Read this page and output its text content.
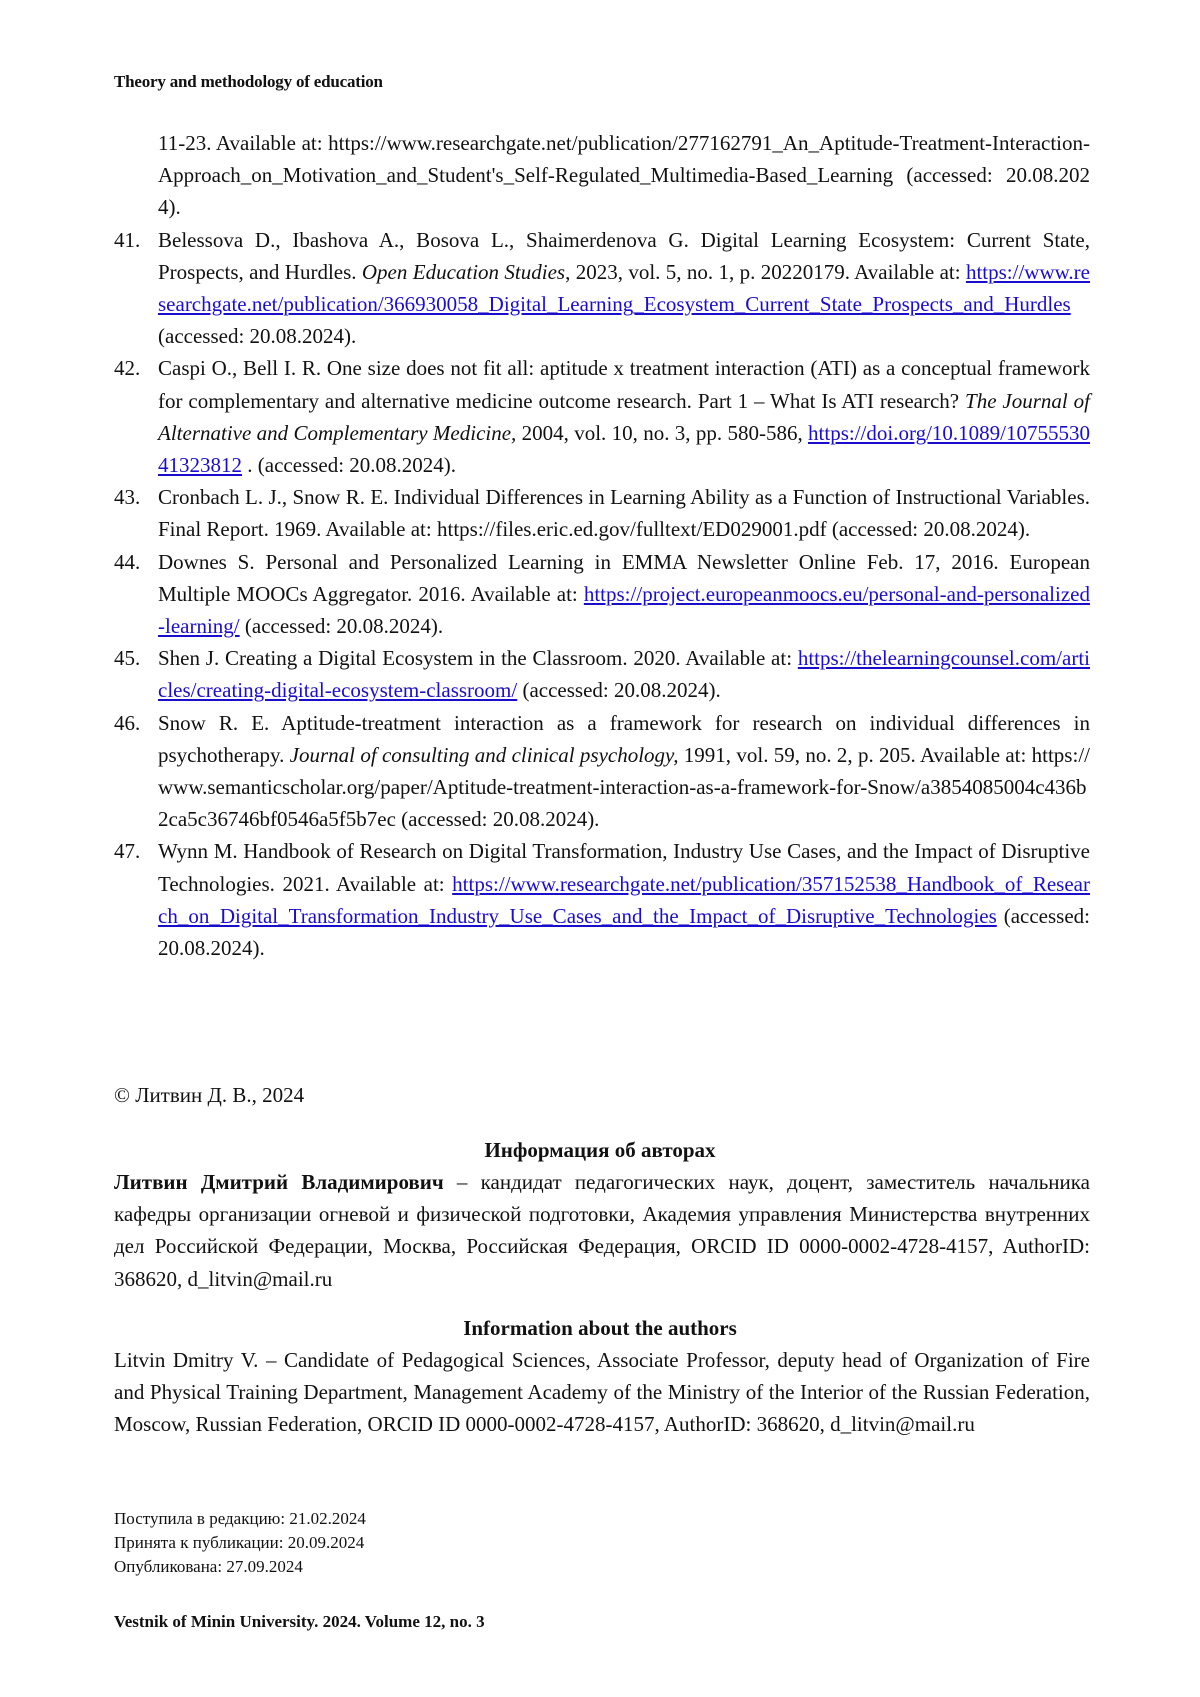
Theory and methodology of education
11-23. Available at: https://www.researchgate.net/publication/277162791_An_Aptitude-Treatment-Interaction-Approach_on_Motivation_and_Student's_Self-Regulated_Multimedia-Based_Learning (accessed: 20.08.2024).
41. Belessova D., Ibashova A., Bosova L., Shaimerdenova G. Digital Learning Ecosystem: Current State, Prospects, and Hurdles. Open Education Studies, 2023, vol. 5, no. 1, p. 20220179. Available at: https://www.researchgate.net/publication/366930058_Digital_Learning_Ecosystem_Current_State_Prospects_and_Hurdles (accessed: 20.08.2024).
42. Caspi O., Bell I. R. One size does not fit all: aptitude x treatment interaction (ATI) as a conceptual framework for complementary and alternative medicine outcome research. Part 1 – What Is ATI research? The Journal of Alternative and Complementary Medicine, 2004, vol. 10, no. 3, pp. 580-586, https://doi.org/10.1089/1075553041323812 . (accessed: 20.08.2024).
43. Cronbach L. J., Snow R. E. Individual Differences in Learning Ability as a Function of Instructional Variables. Final Report. 1969. Available at: https://files.eric.ed.gov/fulltext/ED029001.pdf (accessed: 20.08.2024).
44. Downes S. Personal and Personalized Learning in EMMA Newsletter Online Feb. 17, 2016. European Multiple MOOCs Aggregator. 2016. Available at: https://project.europeanmoocs.eu/personal-and-personalized-learning/ (accessed: 20.08.2024).
45. Shen J. Creating a Digital Ecosystem in the Classroom. 2020. Available at: https://thelearningcounsel.com/articles/creating-digital-ecosystem-classroom/ (accessed: 20.08.2024).
46. Snow R. E. Aptitude-treatment interaction as a framework for research on individual differences in psychotherapy. Journal of consulting and clinical psychology, 1991, vol. 59, no. 2, p. 205. Available at: https://www.semanticscholar.org/paper/Aptitude-treatment-interaction-as-a-framework-for-Snow/a3854085004c436b2ca5c36746bf0546a5f5b7ec (accessed: 20.08.2024).
47. Wynn M. Handbook of Research on Digital Transformation, Industry Use Cases, and the Impact of Disruptive Technologies. 2021. Available at: https://www.researchgate.net/publication/357152538_Handbook_of_Research_on_Digital_Transformation_Industry_Use_Cases_and_the_Impact_of_Disruptive_Technologies (accessed: 20.08.2024).
© Литвин Д. В., 2024
Информация об авторах
Литвин Дмитрий Владимирович – кандидат педагогических наук, доцент, заместитель начальника кафедры организации огневой и физической подготовки, Академия управления Министерства внутренних дел Российской Федерации, Москва, Российская Федерация, ORCID ID 0000-0002-4728-4157, AuthorID: 368620, d_litvin@mail.ru
Information about the authors
Litvin Dmitry V. – Candidate of Pedagogical Sciences, Associate Professor, deputy head of Organization of Fire and Physical Training Department, Management Academy of the Ministry of the Interior of the Russian Federation, Moscow, Russian Federation, ORCID ID 0000-0002-4728-4157, AuthorID: 368620, d_litvin@mail.ru
Поступила в редакцию: 21.02.2024
Принята к публикации: 20.09.2024
Опубликована: 27.09.2024
Vestnik of Minin University. 2024. Volume 12, no. 3
